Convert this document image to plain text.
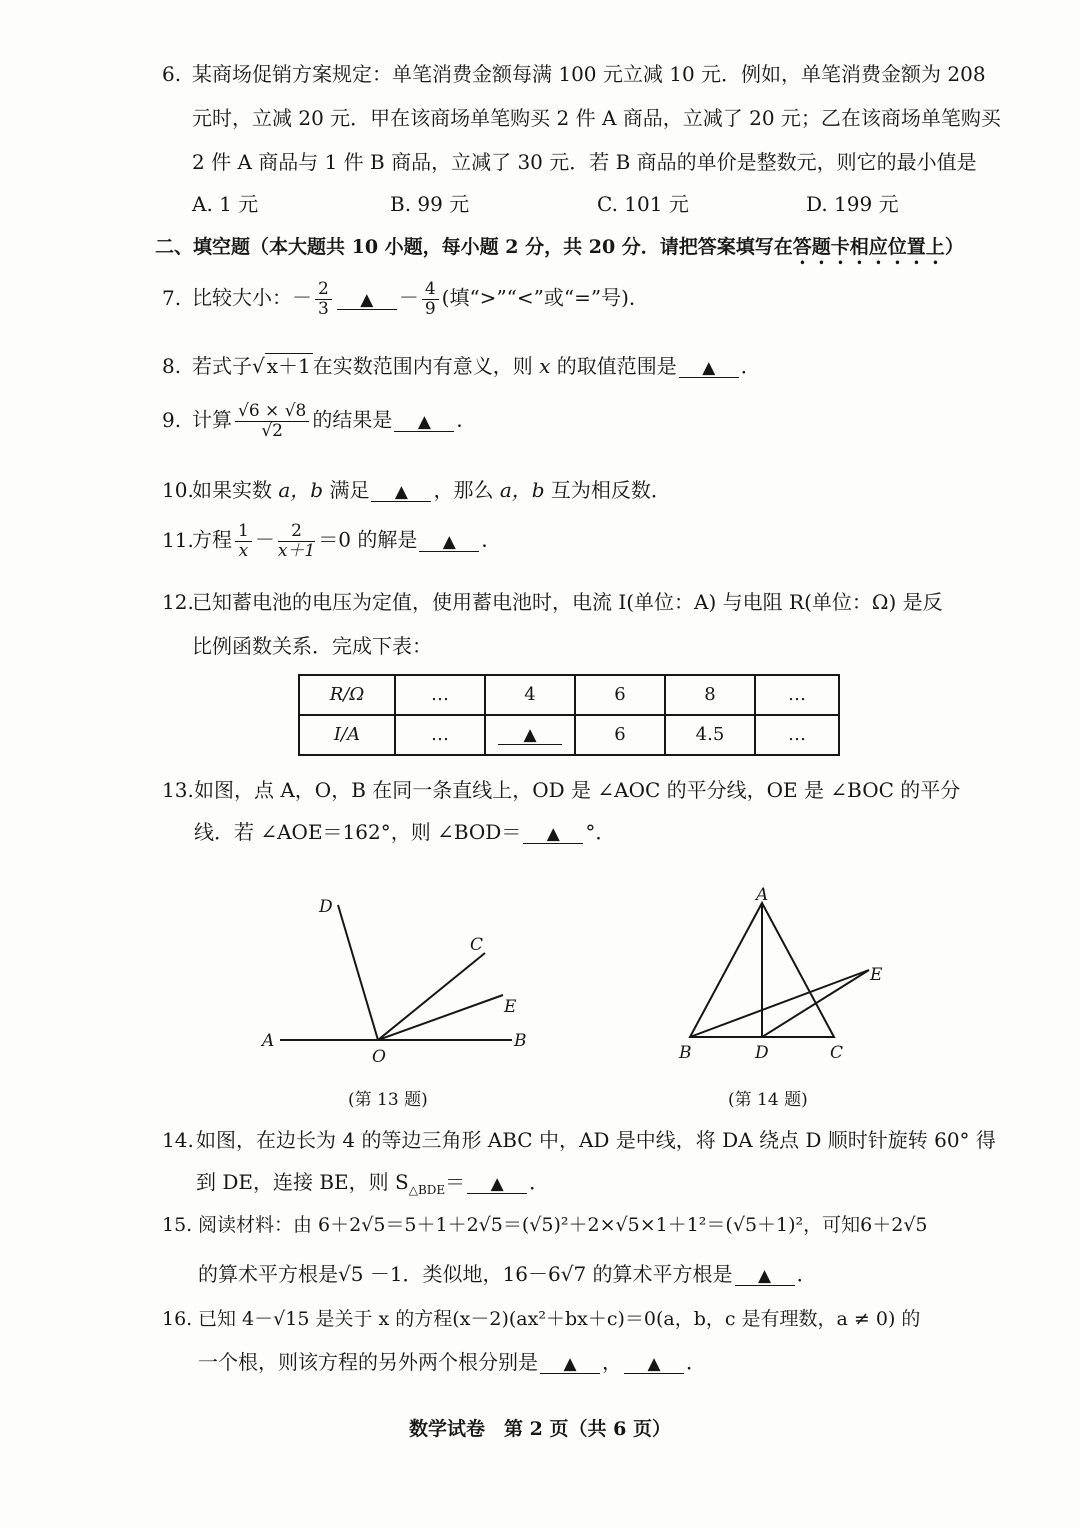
6. 某商场促销方案规定：单笔消费金额每满 100 元立减 10 元．例如，单笔消费金额为 208
元时，立减 20 元．甲在该商场单笔购买 2 件 A 商品，立减了 20 元；乙在该商场单笔购买
2 件 A 商品与 1 件 B 商品，立减了 30 元．若 B 商品的单价是整数元，则它的最小值是
A. 1 元	B. 99 元	C. 101 元	D. 199 元
二、填空题（本大题共 10 小题，每小题 2 分，共 20 分．请把答案填写在答题卡相应位置上）
7. 比较大小：－ $\frac{2}{3}$ ▲ － $\frac{4}{9}$ (填“>”“<”或“=”号)．
8. 若式子√ x＋1 在实数范围内有意义，则 x 的取值范围是 ▲ ．
9. 计算 $\frac{√6 \times √8}{√2}$ 的结果是 ▲ ．
10.如果实数 a，b 满足 ▲ ，那么 a，b 互为相反数．
11.方程 $\frac{1}{x} - \frac{2}{x+1} =0$ 的解是 ▲ ．
12.已知蓄电池的电压为定值，使用蓄电池时，电流 I(单位：A) 与电阻 R(单位：Ω) 是反
比例函数关系．完成下表：
R/Ω	…	4	6	8	…
I/A	…	▲	6	4.5	…
13.如图，点 A，O，B 在同一条直线上，OD 是 ∠AOC 的平分线，OE 是 ∠BOC 的平分
线．若 ∠AOE＝162°，则 ∠BOD＝ ▲ °．
D
C
E
A
O
B
A
E
B	D	C
(第 13 题)	(第 14 题)
14. 如图，在边长为 4 的等边三角形 ABC 中，AD 是中线，将 DA 绕点 D 顺时针旋转 60° 得
到 DE，连接 BE，则 $S_{\triangle BDE}=$ ▲ ．
15. 阅读材料：由 6＋2√5＝5＋1＋2√5＝(√5)²＋2×√5×1＋1²＝(√5＋1)²，可知6＋2√5
的算术平方根是√5 －1．类似地，16－6√7 的算术平方根是 ▲ ．
16. 已知 4－√15 是关于 x 的方程(x－2)(ax²＋bx＋c)＝0(a，b，c 是有理数，a ≠ 0) 的
一个根，则该方程的另外两个根分别是 ▲ ， ▲ ．
数学试卷　第 2 页（共 6 页）
